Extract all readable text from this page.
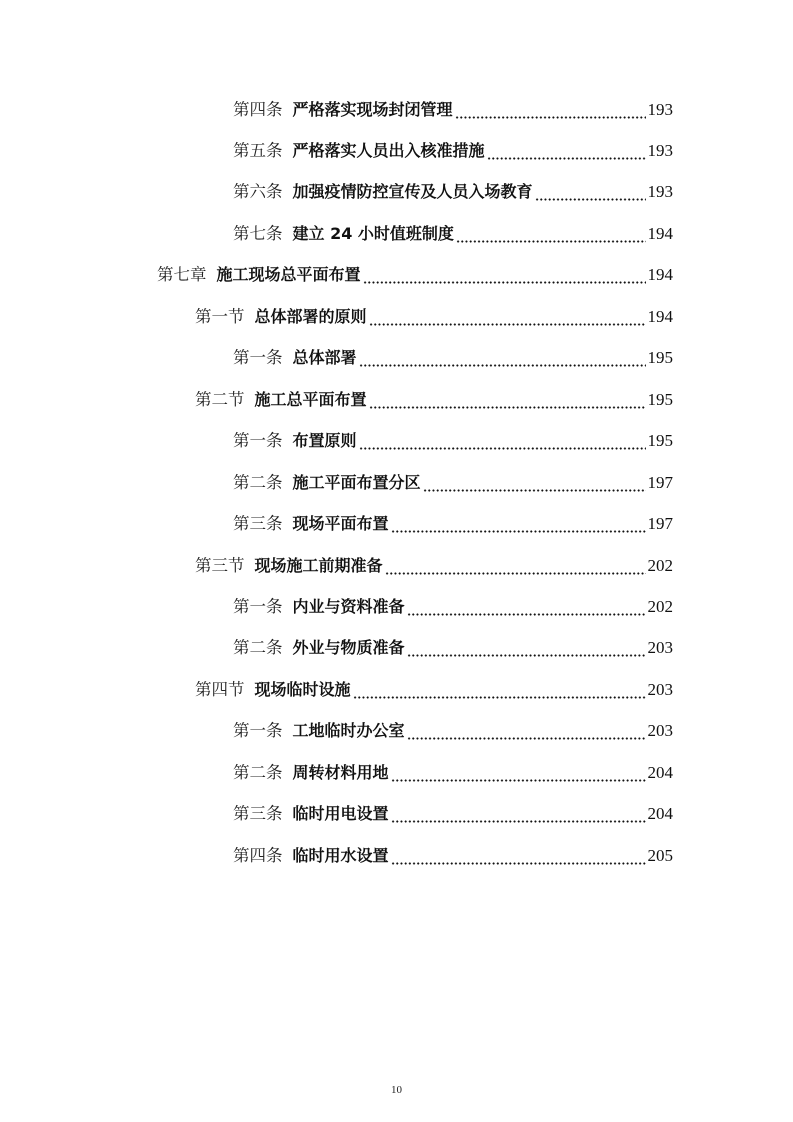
第四条 严格落实现场封闭管理	193
第五条 严格落实人员出入核准措施	193
第六条 加强疫情防控宣传及人员入场教育	193
第七条 建立 24 小时值班制度	194
第七章 施工现场总平面布置	194
第一节 总体部署的原则	194
第一条 总体部署	195
第二节 施工总平面布置	195
第一条 布置原则	195
第二条 施工平面布置分区	197
第三条 现场平面布置	197
第三节 现场施工前期准备	202
第一条 内业与资料准备	202
第二条 外业与物质准备	203
第四节 现场临时设施	203
第一条 工地临时办公室	203
第二条 周转材料用地	204
第三条 临时用电设置	204
第四条 临时用水设置	205
10
